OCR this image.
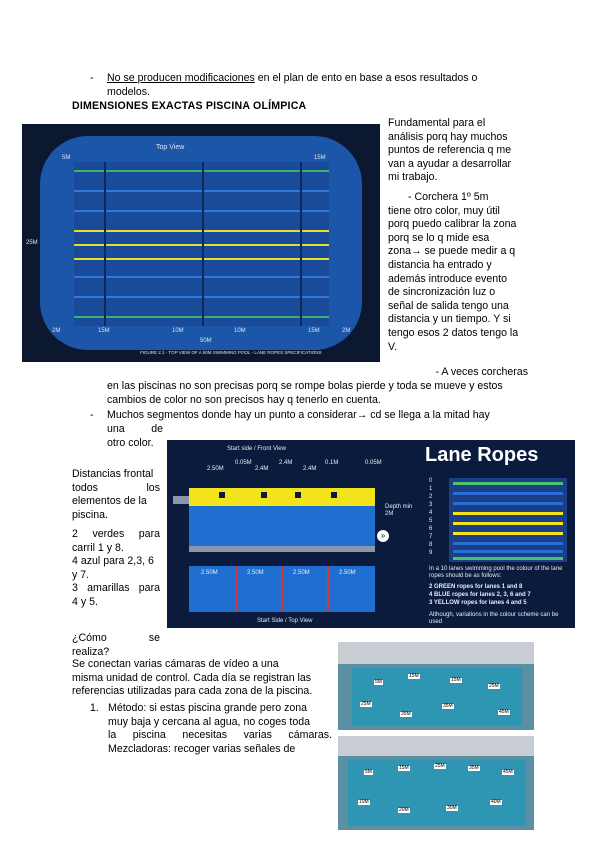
- No se producen modificaciones en el plan de ento en base a esos resultados o
modelos.
DIMENSIONES EXACTAS PISCINA OLÍMPICA
Top View
5M	15M
25M
2M	15M	10M	10M	15M	2M
50M
FIGURE 2.1 - TOP VIEW OF A 50M SWIMMING POOL - LANE ROPES SPECIFICATIONS
Fundamental para el
análisis porq hay muchos
puntos de referencia q me
van a ayudar a desarrollar
mi trabajo.
- Corchera 1º 5m
tiene otro color, muy útil
porq puedo calibrar la zona
porq se lo q mide esa
zona→ se puede medir a q
distancia ha entrado y
además introduce evento
de sincronización luz o
señal de salida tengo una
distancia y un tiempo. Y si
tengo esos 2 datos tengo la
V.
- A veces corcheras
en las piscinas no son precisas porq se rompe bolas pierde y toda se mueve y estos
cambios de color no son precisos hay q tenerlo en cuenta.
- Muchos segmentos donde hay un punto a considerar→ cd se llega a la mitad hay
una de
otro color.
Distancias frontal
todos los
elementos de la
piscina.
2 verdes para
carril 1 y 8.
4 azul para 2,3, 6
y 7.
3 amarillas para
4 y 5.
¿Cómo se
realiza?
Start side / Front View
2.50M
0.05M
2.4M
2.4M
2.4M
0.1M	0.05M
Depth min 2M
»
2.50M	2.50M	2.50M	2.50M
Start Side / Top View
Lane Ropes
0
1
2
3
4
5
6
7
8
9
In a 10 lanes swimming pool the colour of the lane ropes should be as follows:
2 GREEN ropes for lanes 1 and 8
4 BLUE ropes for lanes 2, 3, 6 and 7
3 YELLOW ropes for lanes 4 and 5
Although, variations in the colour scheme can be used
Se conectan varias cámaras de vídeo a una
misma unidad de control. Cada día se registran las
referencias utilizadas para cada zona de la piscina.
1. Método: si estas piscina grande pero zona
muy baja y cercana al agua, no coges toda
la piscina necesitas varias cámaras.
Mezcladoras: recoger varias señales de
5M
15M
15M
25M
25M
35M
35M
45M
5M
15M	25M	35M
45M
10M
20M	30M
40M
